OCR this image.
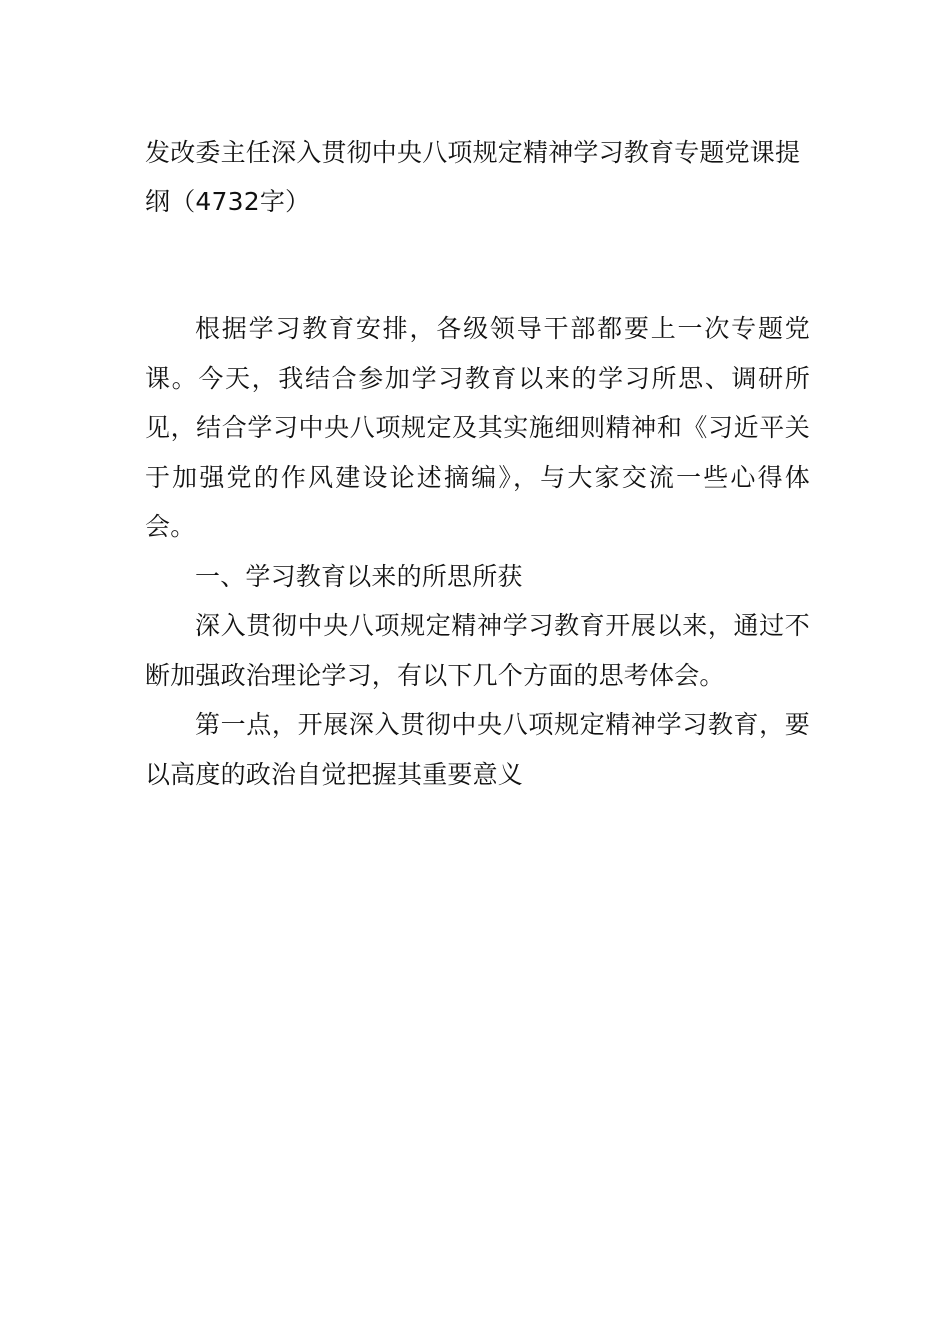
发改委主任深入贯彻中央八项规定精神学习教育专题党课提纲（4732字）

根据学习教育安排，各级领导干部都要上一次专题党课。今天，我结合参加学习教育以来的学习所思、调研所见，结合学习中央八项规定及其实施细则精神和《习近平关于加强党的作风建设论述摘编》，与大家交流一些心得体会。

一、学习教育以来的所思所获

深入贯彻中央八项规定精神学习教育开展以来，通过不断加强政治理论学习，有以下几个方面的思考体会。

第一点，开展深入贯彻中央八项规定精神学习教育，要以高度的政治自觉把握其重要意义
